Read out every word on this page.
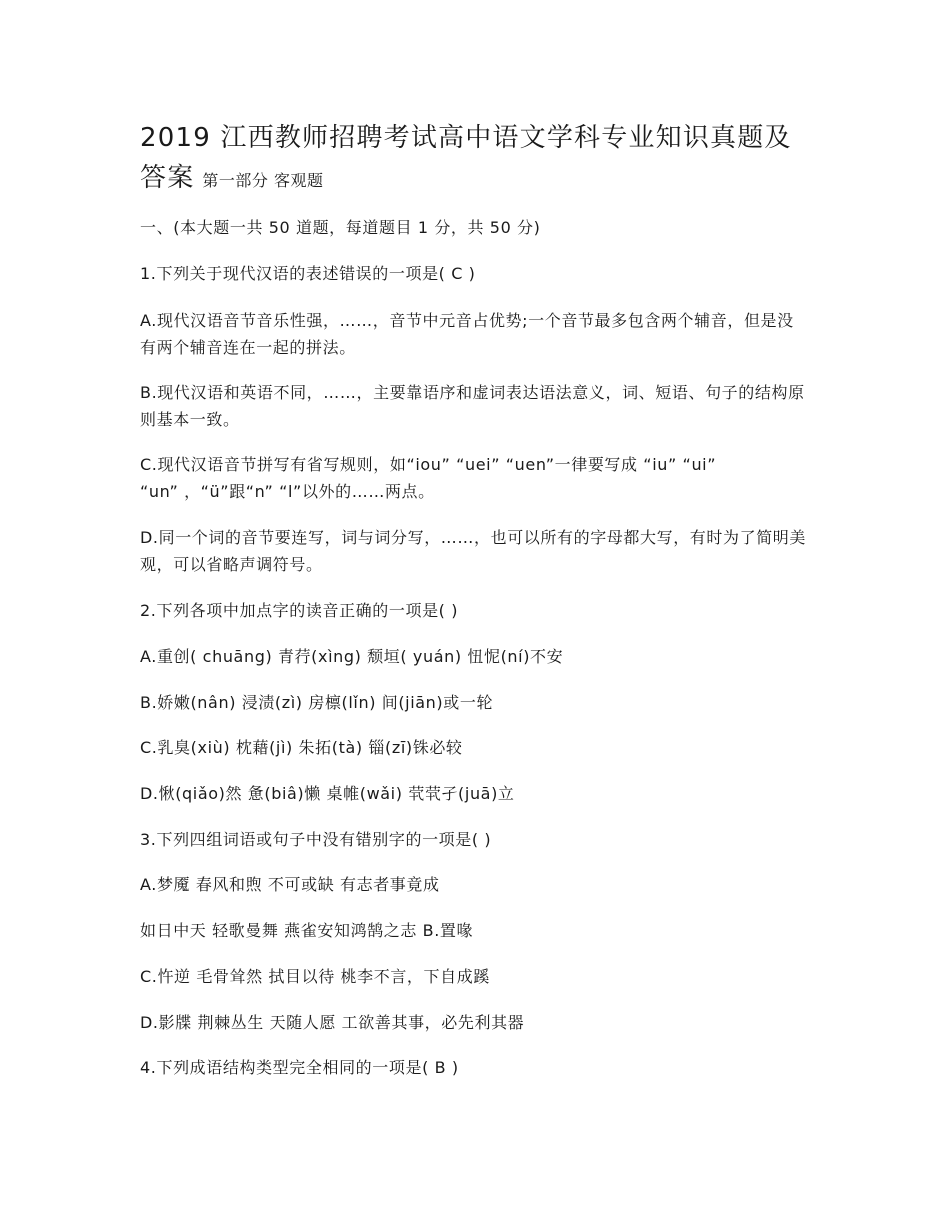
2019 江西教师招聘考试高中语文学科专业知识真题及答案 第一部分 客观题

一、(本大题一共 50 道题，每道题目 1 分，共 50 分)

1.下列关于现代汉语的表述错误的一项是( C )

A.现代汉语音节音乐性强，……，音节中元音占优势;一个音节最多包含两个辅音，但是没有两个辅音连在一起的拼法。

B.现代汉语和英语不同，……，主要靠语序和虚词表达语法意义，词、短语、句子的结构原则基本一致。

C.现代汉语音节拼写有省写规则，如“iou” “uei” “uen”一律要写成 “iu” “ui” “un” ，“ü”跟“n” “l”以外的……两点。

D.同一个词的音节要连写，词与词分写，……，也可以所有的字母都大写，有时为了简明美观，可以省略声调符号。

2.下列各项中加点字的读音正确的一项是( )

A.重创( chuāng) 青荇(xìng) 颓垣( yuán) 忸怩(ní)不安

B.娇嫩(nân) 浸渍(zì) 房檩(lǐn) 间(jiān)或一轮

C.乳臭(xiù) 枕藉(jì) 朱拓(tà) 锱(zī)铢必较

D.愀(qiǎo)然 惫(biâ)懒 桌帷(wǎi) 茕茕孑(juā)立

3.下列四组词语或句子中没有错别字的一项是( )

A.梦魇 春风和煦 不可或缺 有志者事竟成

如日中天 轻歌曼舞 燕雀安知鸿鹄之志 B.置喙

C.忤逆 毛骨耸然 拭目以待 桃李不言，下自成蹊

D.影牒 荆棘丛生 天随人愿 工欲善其事，必先利其器

4.下列成语结构类型完全相同的一项是( B )
